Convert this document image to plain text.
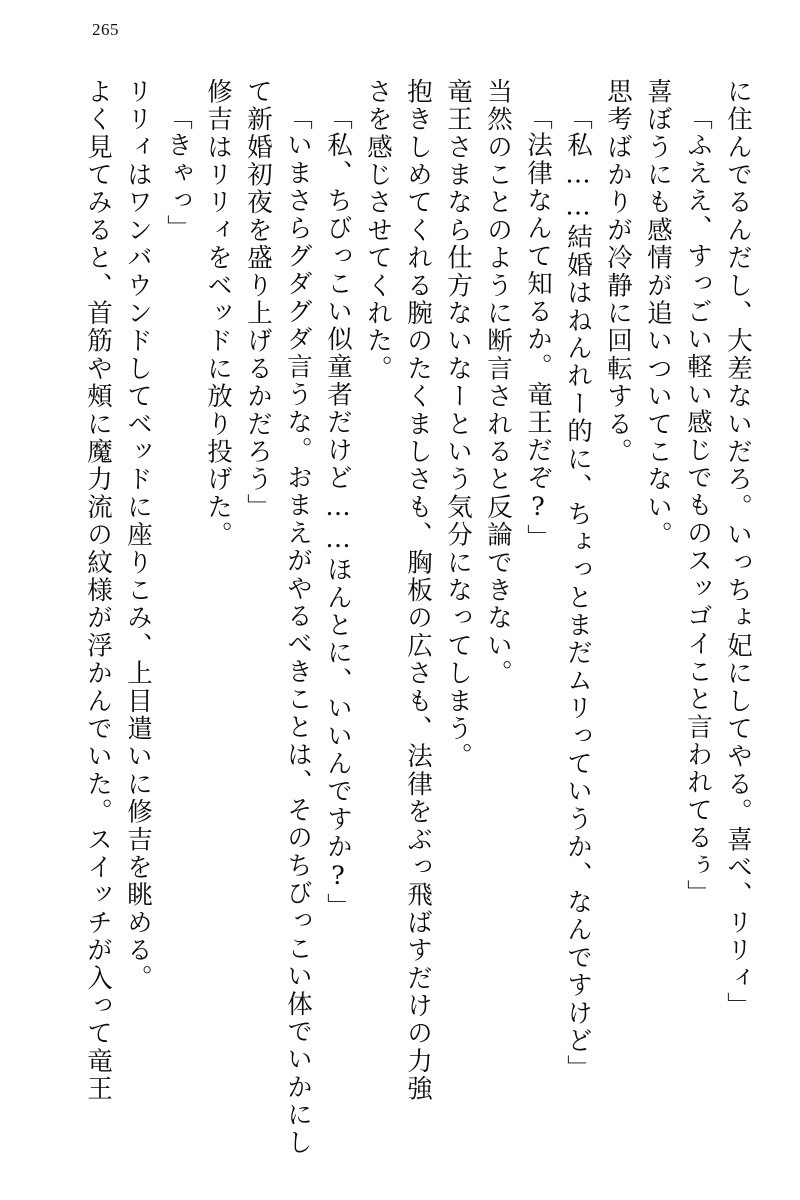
265
に住んでるんだし、大差ないだろ。いっちょ妃にしてやる。喜べ、リリィ」
「ふええ、すっごい軽い感じでものスッゴイこと言われてるぅ」
喜ぼうにも感情が追いついてこない。
思考ばかりが冷静に回転する。
「私……結婚はねんれー的に、ちょっとまだムリっていうか、なんですけど」
「法律なんて知るか。竜王だぞ?」
当然のことのように断言されると反論できない。
竜王さまなら仕方ないなーという気分になってしまう。
抱きしめてくれる腕のたくましさも、胸板の広さも、法律をぶっ飛ばすだけの力強
さを感じさせてくれた。
「私、ちびっこい似童者だけど……ほんとに、いいんですか?」
「いまさらグダグダ言うな。おまえがやるべきことは、そのちびっこい体でいかにし
て新婚初夜を盛り上げるかだろう」
修吉はリリィをベッドに放り投げた。
「きゃっ」
リリィはワンバウンドしてベッドに座りこみ、上目遣いに修吉を眺める。
よく見てみると、首筋や頰に魔力流の紋様が浮かんでいた。スイッチが入って竜王
